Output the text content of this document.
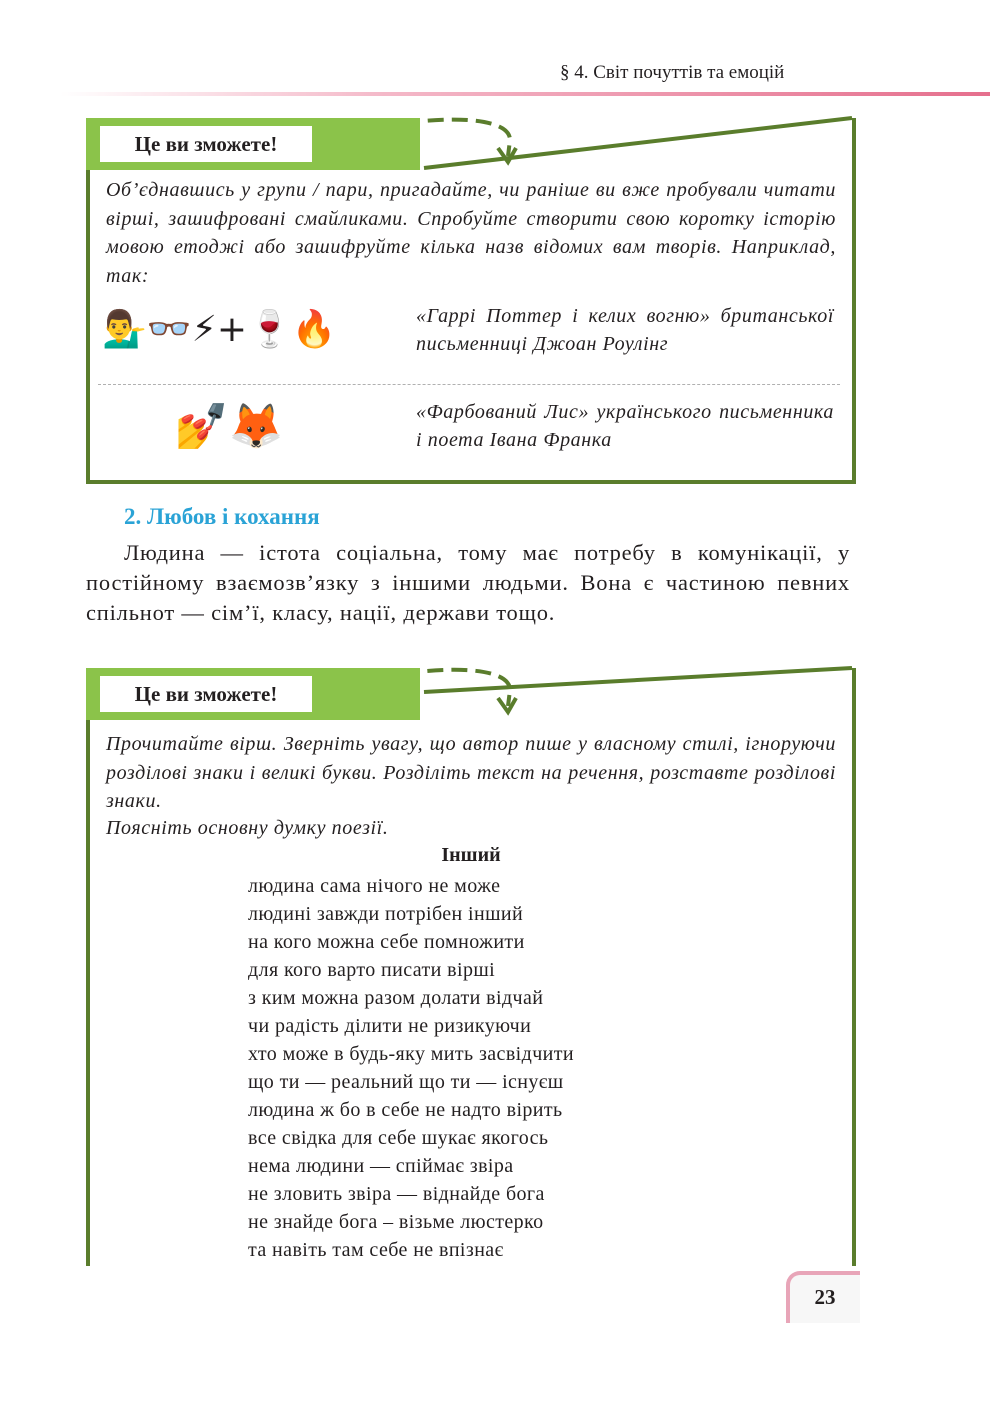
§ 4. Світ почуттів та емоцій
Це ви зможете!
Об’єднавшись у групи / пари, пригадайте, чи раніше ви вже пробували читати вірші, зашифровані смайликами. Спробуйте створити свою коротку історію мовою етоджі або зашифруйте кілька назв відомих вам творів. Наприклад, так:
💁‍♂️👓⚡+🍷🔥	«Гаррі Поттер і келих вогню» британської письменниці Джоан Роулінг
💅🦊	«Фарбований Лис» українського письменника і поета Івана Франка
2. Любов і кохання
Людина — істота соціальна, тому має потребу в комунікації, у постійному взаємозв’язку з іншими людьми. Вона є частиною певних спільнот — сім’ї, класу, нації, держави тощо.
Це ви зможете!
Прочитайте вірш. Зверніть увагу, що автор пише у власному стилі, ігноруючи розділові знаки і великі букви. Розділіть текст на речення, розставте розділові знаки.
Поясніть основну думку поезії.
Інший
людина сама нічого не може
людині завжди потрібен інший
на кого можна себе помножити
для кого варто писати вірші
з ким можна разом долати відчай
чи радість ділити не ризикуючи
хто може в будь-яку мить засвідчити
що ти — реальний що ти — існуєш
людина ж бо в себе не надто вірить
все свідка для себе шукає якогось
нема людини — спіймає звіра
не зловить звіра — віднайде бога
не знайде бога – візьме люстерко
та навіть там себе не впізнає
23
